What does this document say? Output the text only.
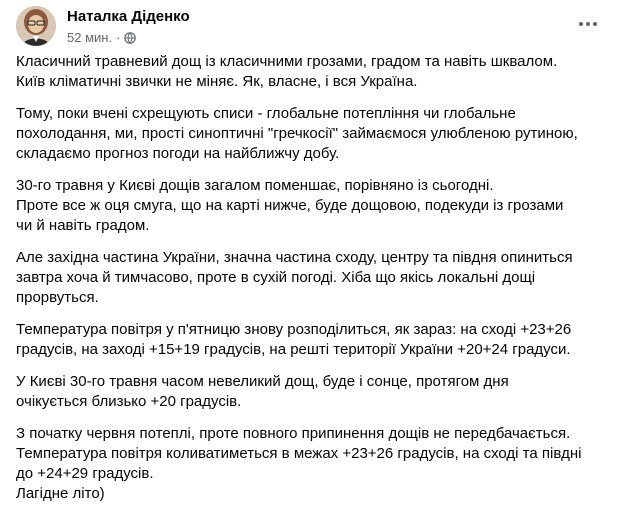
Наталка Діденко
52 мин. ·

Класичний травневий дощ із класичними грозами, градом та навіть шквалом.
Київ кліматичні звички не міняє. Як, власне, і вся Україна.

Тому, поки вчені схрещують списи - глобальне потепління чи глобальне
похолодання, ми, прості синоптичні "гречкосії" займаємося улюбленою рутиною,
складаємо прогноз погоди на найближчу добу.

30-го травня у Києві дощів загалом поменшає, порівняно із сьогодні.
Проте все ж оця смуга, що на карті нижче, буде дощовою, подекуди із грозами
чи й навіть градом.

Але західна частина України, значна частина сходу, центру та півдня опиниться
завтра хоча й тимчасово, проте в сухій погоді. Хіба що якісь локальні дощі
прорвуться.

Температура повітря у п'ятницю знову розподілиться, як зараз: на сході +23+26
градусів, на заході +15+19 градусів, на решті території України +20+24 градуси.

У Києві 30-го травня часом невеликий дощ, буде і сонце, протягом дня
очікується близько +20 градусів.

З початку червня потеплі, проте повного припинення дощів не передбачається.
Температура повітря коливатиметься в межах +23+26 градусів, на сході та півдні
до +24+29 градусів.
Лагідне літо)
